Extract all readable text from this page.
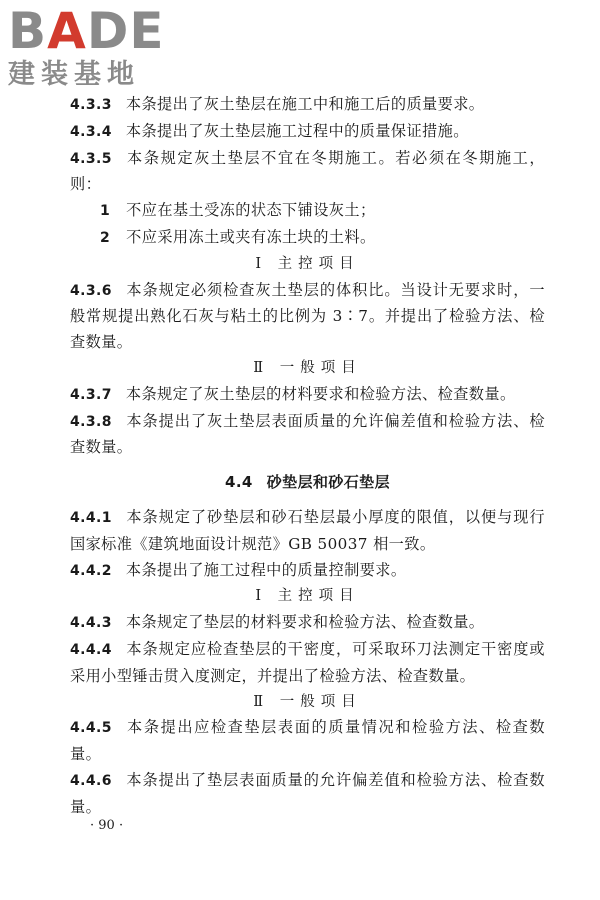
BADE
建装基地

4.3.3 本条提出了灰土垫层在施工中和施工后的质量要求。

4.3.4 本条提出了灰土垫层施工过程中的质量保证措施。

4.3.5 本条规定灰土垫层不宜在冬期施工。若必须在冬期施工，则：

1 不应在基土受冻的状态下铺设灰土；

2 不应采用冻土或夹有冻土块的土料。

Ⅰ 主控项目

4.3.6 本条规定必须检查灰土垫层的体积比。当设计无要求时，一般常规提出熟化石灰与粘土的比例为 3∶7。并提出了检验方法、检查数量。

Ⅱ 一般项目

4.3.7 本条规定了灰土垫层的材料要求和检验方法、检查数量。

4.3.8 本条提出了灰土垫层表面质量的允许偏差值和检验方法、检查数量。

4.4 砂垫层和砂石垫层

4.4.1 本条规定了砂垫层和砂石垫层最小厚度的限值，以便与现行国家标准《建筑地面设计规范》GB 50037 相一致。

4.4.2 本条提出了施工过程中的质量控制要求。

Ⅰ 主控项目

4.4.3 本条规定了垫层的材料要求和检验方法、检查数量。

4.4.4 本条规定应检查垫层的干密度，可采取环刀法测定干密度或采用小型锤击贯入度测定，并提出了检验方法、检查数量。

Ⅱ 一般项目

4.4.5 本条提出应检查垫层表面的质量情况和检验方法、检查数量。

4.4.6 本条提出了垫层表面质量的允许偏差值和检验方法、检查数量。

· 90 ·
